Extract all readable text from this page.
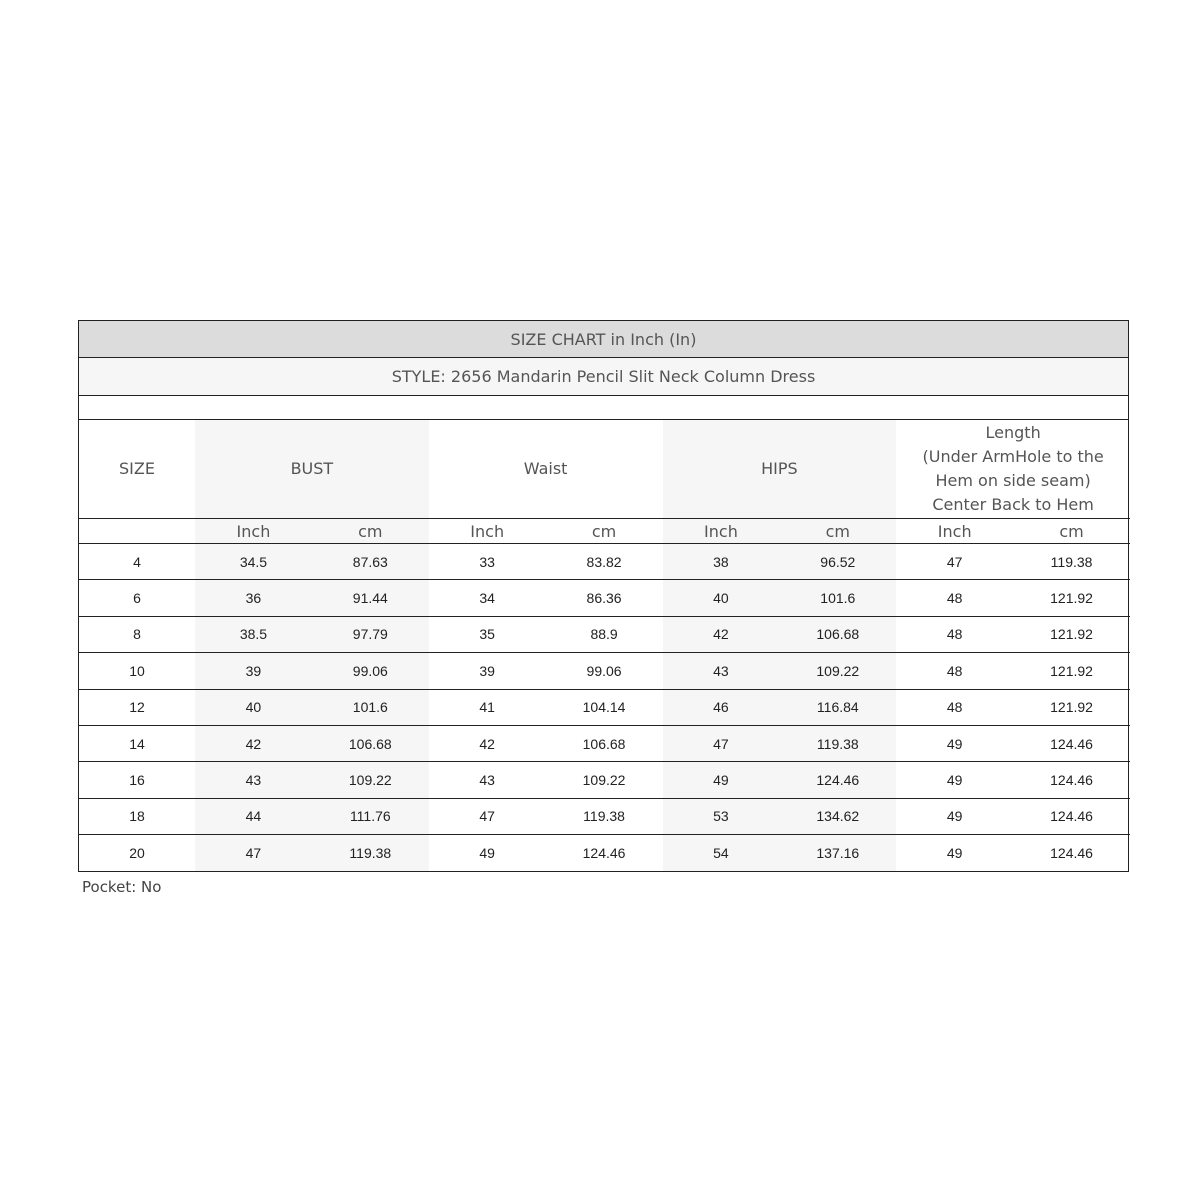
SIZE CHART in Inch (In)
STYLE: 2656 Mandarin Pencil Slit Neck Column Dress
SIZE	BUST		Waist		HIPS		Length
(Under ArmHole to the
Hem on side seam)
Center Back to Hem	

	Inch	cm	Inch	cm	Inch	cm	Inch	cm
4	34.5	87.63	33	83.82	38	96.52	47	119.38
6	36	91.44	34	86.36	40	101.6	48	121.92
8	38.5	97.79	35	88.9	42	106.68	48	121.92
10	39	99.06	39	99.06	43	109.22	48	121.92
12	40	101.6	41	104.14	46	116.84	48	121.92
14	42	106.68	42	106.68	47	119.38	49	124.46
16	43	109.22	43	109.22	49	124.46	49	124.46
18	44	111.76	47	119.38	53	134.62	49	124.46
20	47	119.38	49	124.46	54	137.16	49	124.46
Pocket: No
